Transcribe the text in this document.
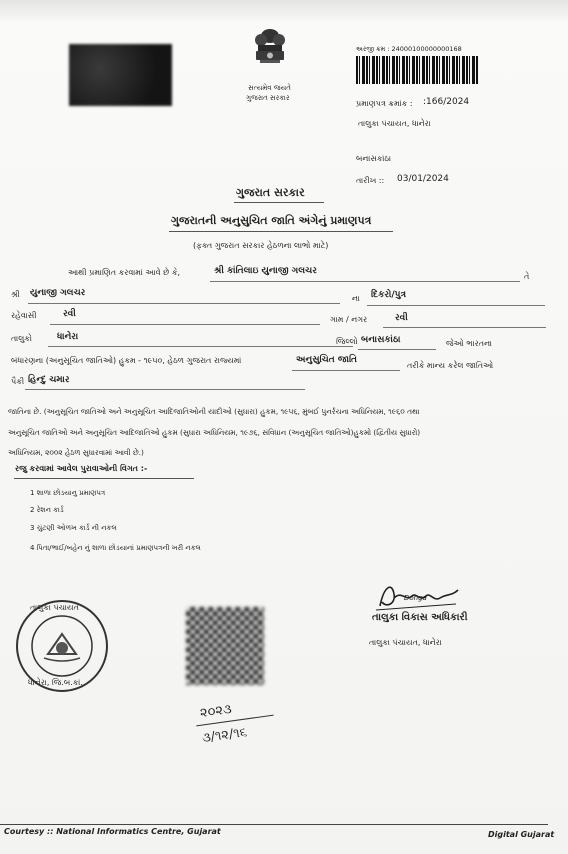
સત્યમેવ જયતે
ગુજરાત સરકાર
અરજી ક્રમ : 24000100000000168
પ્રમાણપત્ર ક્રમાંક : :166/2024
તાલુકા પંચાયત, ધાનેરા
બનાસકાંઠા
તારીખ :: 03/01/2024
ગુજરાત સરકાર
ગુજરાતની અનુસુચિત જાતિ અંગેનું પ્રમાણપત્ર
(ફક્ત ગુજરાત સરકાર હેઠળના લાભો માટે)
આથી પ્રમાણિત કરવામાં આવે છે કે,	શ્રી કાંતિલાઇ યુનાજી ગલચર
તે
શ્રી યુનાજી ગલચર
ના દિકરો/પુત્ર
રહેવાસી	રવી
ગામ / નગર	રવી
તાલુકો	ધાનેરા	જિલ્લો બનાસકાંઠા	જેઓ ભારતના
બંધારણના (અનુસૂચિત જાતિઓ) હુકમ - ૧૯૫૦, હેઠળ ગુજરાત રાજ્યમાં	અનુસુચિત જાતિ
તરીકે માન્ય કરેલ જાતિઓ
પૈકી હિન્દુ ચમાર
જાતિના છે. (અનુસૂચિત જાતિઓ અને અનુસૂચિત આદિજાતિઓની યાદીઓ (સુધારા) હુકમ, ૧૯૫૬, મુંબઈ પુનર્રચના અધિનિયમ, ૧૯૬૦ તથા
અનુસૂચિત જાતિઓ અને અનુસૂચિત આદિજાતિઓ હુકમ (સુધારા અધિનિયમ, ૧૯૭૬, સંવિધાન (અનુસૂચિત જાતિઓ)હુકમો (દ્વિતીય સુધારો)
અધિનિયમ, ૨૦૦૨ હેઠળ સુધારવામાં આવી છે.)
રજુ કરવામાં આવેલ પુરાવાઓની વિગત :-
1 શાળા છોડયાનુ પ્રમાણપત્ર
2 રેશન કાર્ડ
3 ચુંટણી ઓળખ કાર્ડ ની નકલ
4 પિતા/ભાઈ/બહેન નું શાળા છોડયાનાં પ્રમાણપત્રની ખરી નકલ
તાલુકા પંચાયત
ધાનેરા, જિ.બ.કાં.
Donga
તાલુકા વિકાસ અધિકારી
તાલુકા પંચાયત, ધાનેરા
૨૦૨૩
૩/૧૨/૧૬
Courtesy :: National Informatics Centre, Gujarat	Digital Gujarat
